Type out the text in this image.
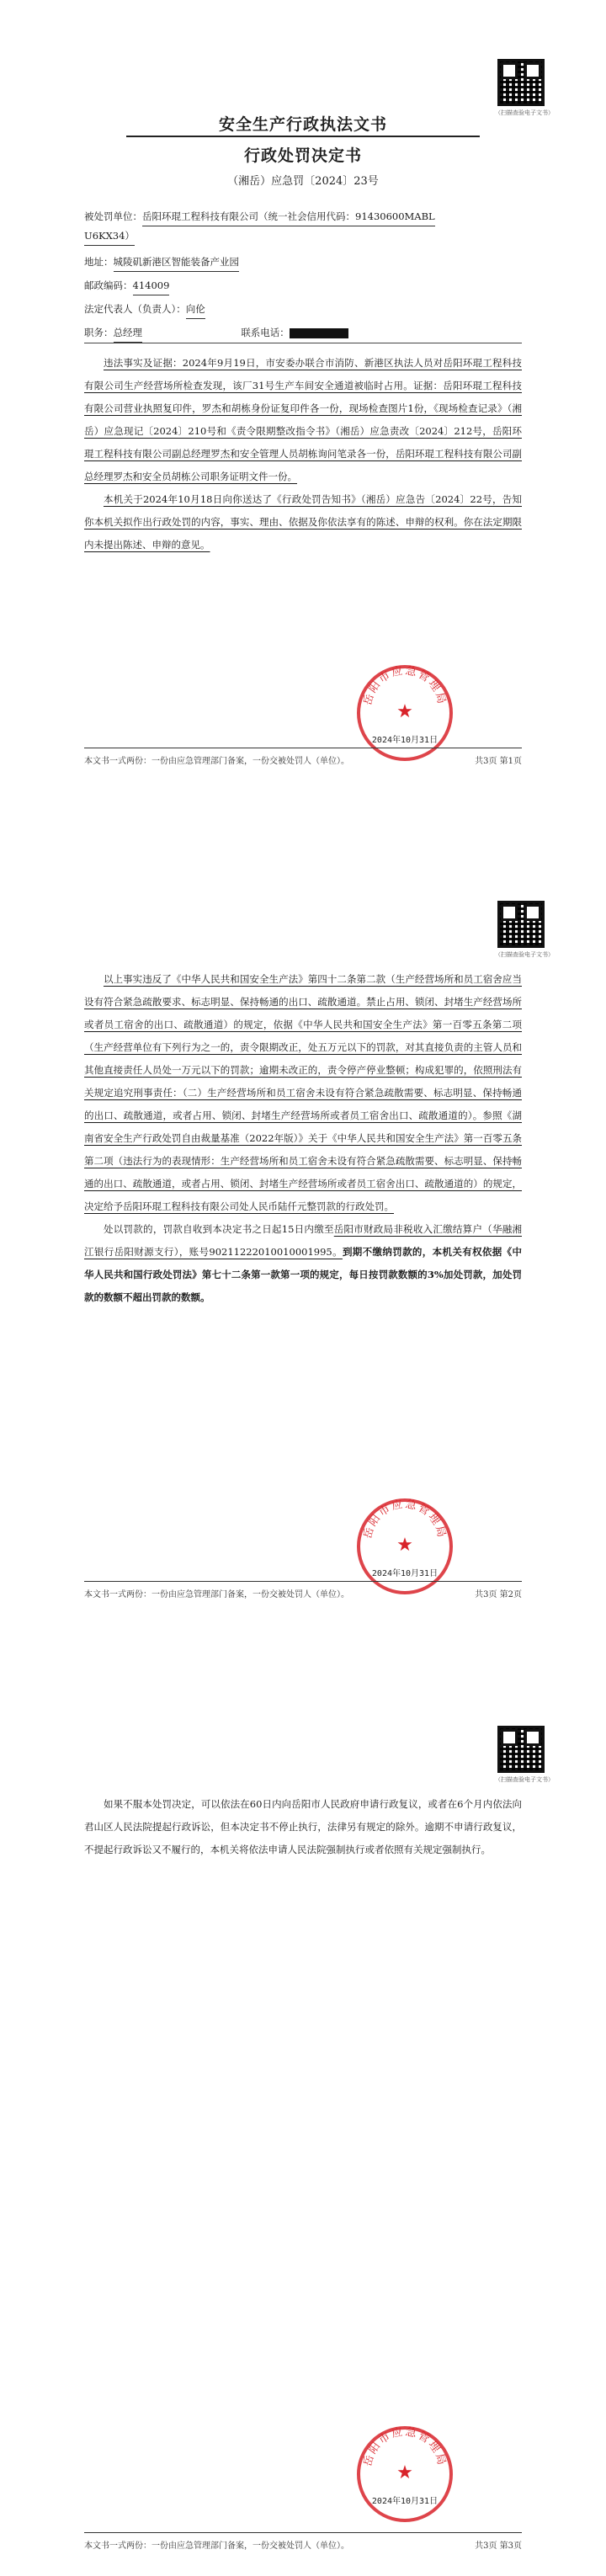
（扫描查验电子文书）
安全生产行政执法文书
行政处罚决定书
（湘岳）应急罚〔2024〕23号
被处罚单位：岳阳环琨工程科技有限公司（统一社会信用代码：91430600MABL
U6KX34）
地址：城陵矶新港区智能装备产业园
邮政编码：414009
法定代表人（负责人）：向伦
职务：总经理	联系电话：

违法事实及证据：2024年9月19日，市安委办联合市消防、新港区执法人员对岳阳环琨工程科技有限公司生产经营场所检查发现，该厂31号生产车间安全通道被临时占用。证据：岳阳环琨工程科技有限公司营业执照复印件，罗杰和胡栋身份证复印件各一份，现场检查图片1份，《现场检查记录》（湘岳）应急现记〔2024〕210号和《责令限期整改指令书》（湘岳）应急责改〔2024〕212号，岳阳环琨工程科技有限公司副总经理罗杰和安全管理人员胡栋询问笔录各一份，岳阳环琨工程科技有限公司副总经理罗杰和安全员胡栋公司职务证明文件一份。

本机关于2024年10月18日向你送达了《行政处罚告知书》（湘岳）应急告〔2024〕22号，告知你本机关拟作出行政处罚的内容，事实、理由、依据及你依法享有的陈述、申辩的权利。你在法定期限内未提出陈述、申辩的意见。

岳阳市应急管理局
★
2024年10月31日
本文书一式两份：一份由应急管理部门备案，一份交被处罚人（单位）。	共3页 第1页
（扫描查验电子文书）

以上事实违反了《中华人民共和国安全生产法》第四十二条第二款（生产经营场所和员工宿舍应当设有符合紧急疏散要求、标志明显、保持畅通的出口、疏散通道。禁止占用、锁闭、封堵生产经营场所或者员工宿舍的出口、疏散通道）的规定，依据《中华人民共和国安全生产法》第一百零五条第二项（生产经营单位有下列行为之一的，责令限期改正，处五万元以下的罚款，对其直接负责的主管人员和其他直接责任人员处一万元以下的罚款；逾期未改正的，责令停产停业整顿；构成犯罪的，依照刑法有关规定追究刑事责任：（二）生产经营场所和员工宿舍未设有符合紧急疏散需要、标志明显、保持畅通的出口、疏散通道，或者占用、锁闭、封堵生产经营场所或者员工宿舍出口、疏散通道的）。参照《湖南省安全生产行政处罚自由裁量基准（2022年版）》关于《中华人民共和国安全生产法》第一百零五条第二项（违法行为的表现情形：生产经营场所和员工宿舍未设有符合紧急疏散需要、标志明显、保持畅通的出口、疏散通道，或者占用、锁闭、封堵生产经营场所或者员工宿舍出口、疏散通道的）的规定，决定给予岳阳环琨工程科技有限公司处人民币陆仟元整罚款的行政处罚。

处以罚款的，罚款自收到本决定书之日起15日内缴至岳阳市财政局非税收入汇缴结算户（华融湘江银行岳阳财源支行），账号90211222010010001995。到期不缴纳罚款的，本机关有权依据《中华人民共和国行政处罚法》第七十二条第一款第一项的规定，每日按罚款数额的3%加处罚款，加处罚款的数额不超出罚款的数额。

岳阳市应急管理局
★
2024年10月31日
本文书一式两份：一份由应急管理部门备案，一份交被处罚人（单位）。	共3页 第2页
（扫描查验电子文书）

如果不服本处罚决定，可以依法在60日内向岳阳市人民政府申请行政复议，或者在6个月内依法向君山区人民法院提起行政诉讼，但本决定书不停止执行，法律另有规定的除外。逾期不申请行政复议，不提起行政诉讼又不履行的，本机关将依法申请人民法院强制执行或者依照有关规定强制执行。

岳阳市应急管理局
★
2024年10月31日
本文书一式两份：一份由应急管理部门备案，一份交被处罚人（单位）。	共3页 第3页
